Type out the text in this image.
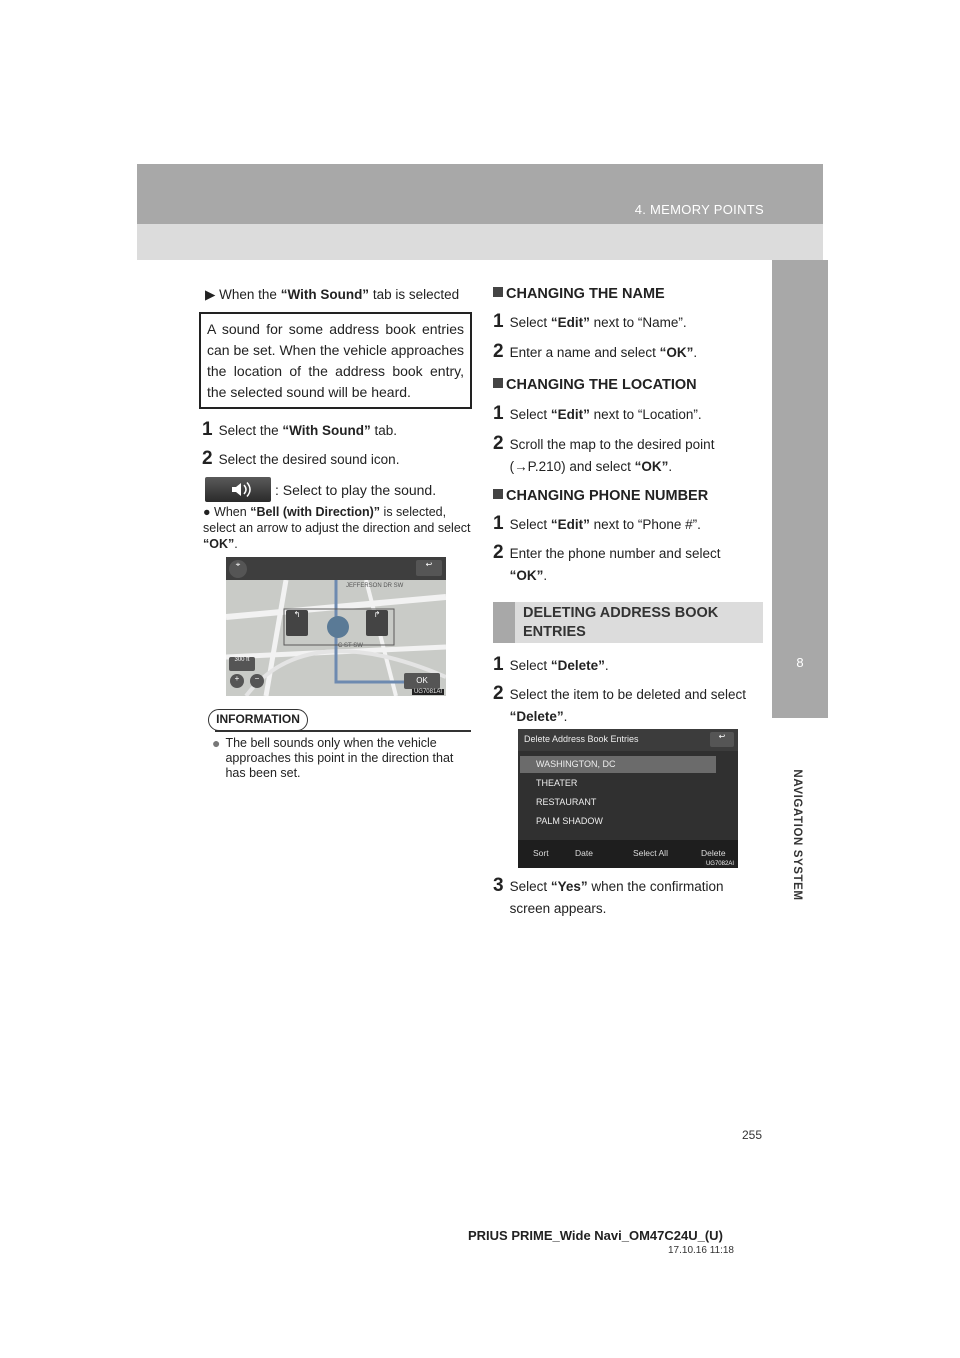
4. MEMORY POINTS
8
NAVIGATION SYSTEM
▶ When the “With Sound” tab is selected
A sound for some address book entries can be set. When the vehicle approaches the location of the address book entry, the selected sound will be heard.
1 Select the “With Sound” tab.
2 Select the desired sound icon.
: Select to play the sound.
● When “Bell (with Direction)” is selected, select an arrow to adjust the direction and select “OK”.
⌖	↩
↰	↱
JEFFERSON DR SW
C ST SW
300 ft
+	−	OK
UG7081AI
INFORMATION
● The bell sounds only when the vehicle approaches this point in the direction that has been set.
CHANGING THE NAME
1 Select “Edit” next to “Name”.
2 Enter a name and select “OK”.
CHANGING THE LOCATION
1 Select “Edit” next to “Location”.
2 Scroll the map to the desired point
(→P.210) and select “OK”.
CHANGING PHONE NUMBER
1 Select “Edit” next to “Phone #”.
2 Enter the phone number and select
“OK”.
DELETING ADDRESS BOOK ENTRIES
1 Select “Delete”.
2 Select the item to be deleted and select
“Delete”.
Delete Address Book Entries	↩
WASHINGTON, DC
THEATER
RESTAURANT
PALM SHADOW
Sort	Date	Select All	Delete
UG7082AI
3 Select “Yes” when the confirmation
screen appears.
255
PRIUS PRIME_Wide Navi_OM47C24U_(U)
17.10.16 11:18
